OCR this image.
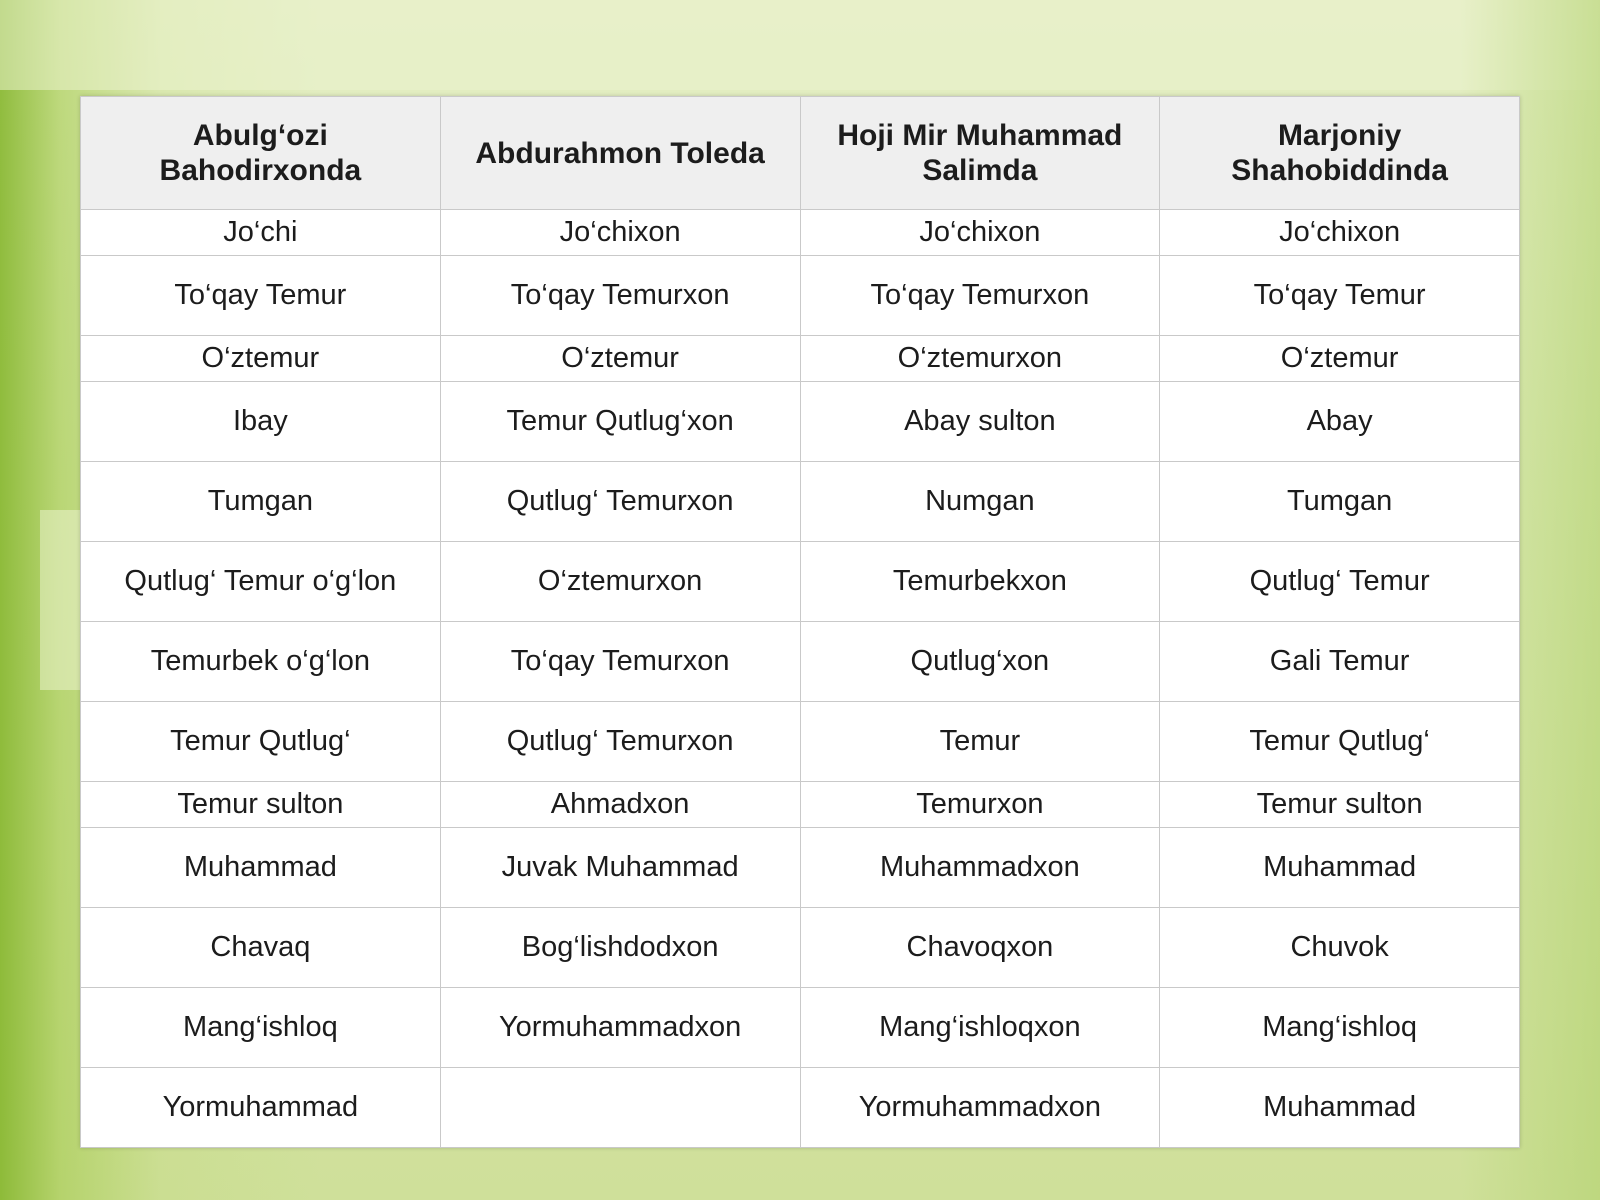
Abulg‘ozi Bahodirxonda	Abdurahmon Toleda	Hoji Mir Muhammad Salimda	Marjoniy Shahobiddinda
Jo‘chi	Jo‘chixon	Jo‘chixon	Jo‘chixon
To‘qay Temur	To‘qay Temurxon	To‘qay Temurxon	To‘qay Temur
O‘ztemur	O‘ztemur	O‘ztemurxon	O‘ztemur
Ibay	Temur Qutlug‘xon	Abay sulton	Abay
Tumgan	Qutlug‘ Temurxon	Numgan	Tumgan
Qutlug‘ Temur o‘g‘lon	O‘ztemurxon	Temurbekxon	Qutlug‘ Temur
Temurbek o‘g‘lon	To‘qay Temurxon	Qutlug‘xon	Gali Temur
Temur Qutlug‘	Qutlug‘ Temurxon	Temur	Temur Qutlug‘
Temur sulton	Ahmadxon	Temurxon	Temur sulton
Muhammad	Juvak Muhammad	Muhammadxon	Muhammad
Chavaq	Bog‘lishdodxon	Chavoqxon	Chuvok
Mang‘ishloq	Yormuhammadxon	Mang‘ishloqxon	Mang‘ishloq
Yormuhammad		Yormuhammadxon	Muhammad
